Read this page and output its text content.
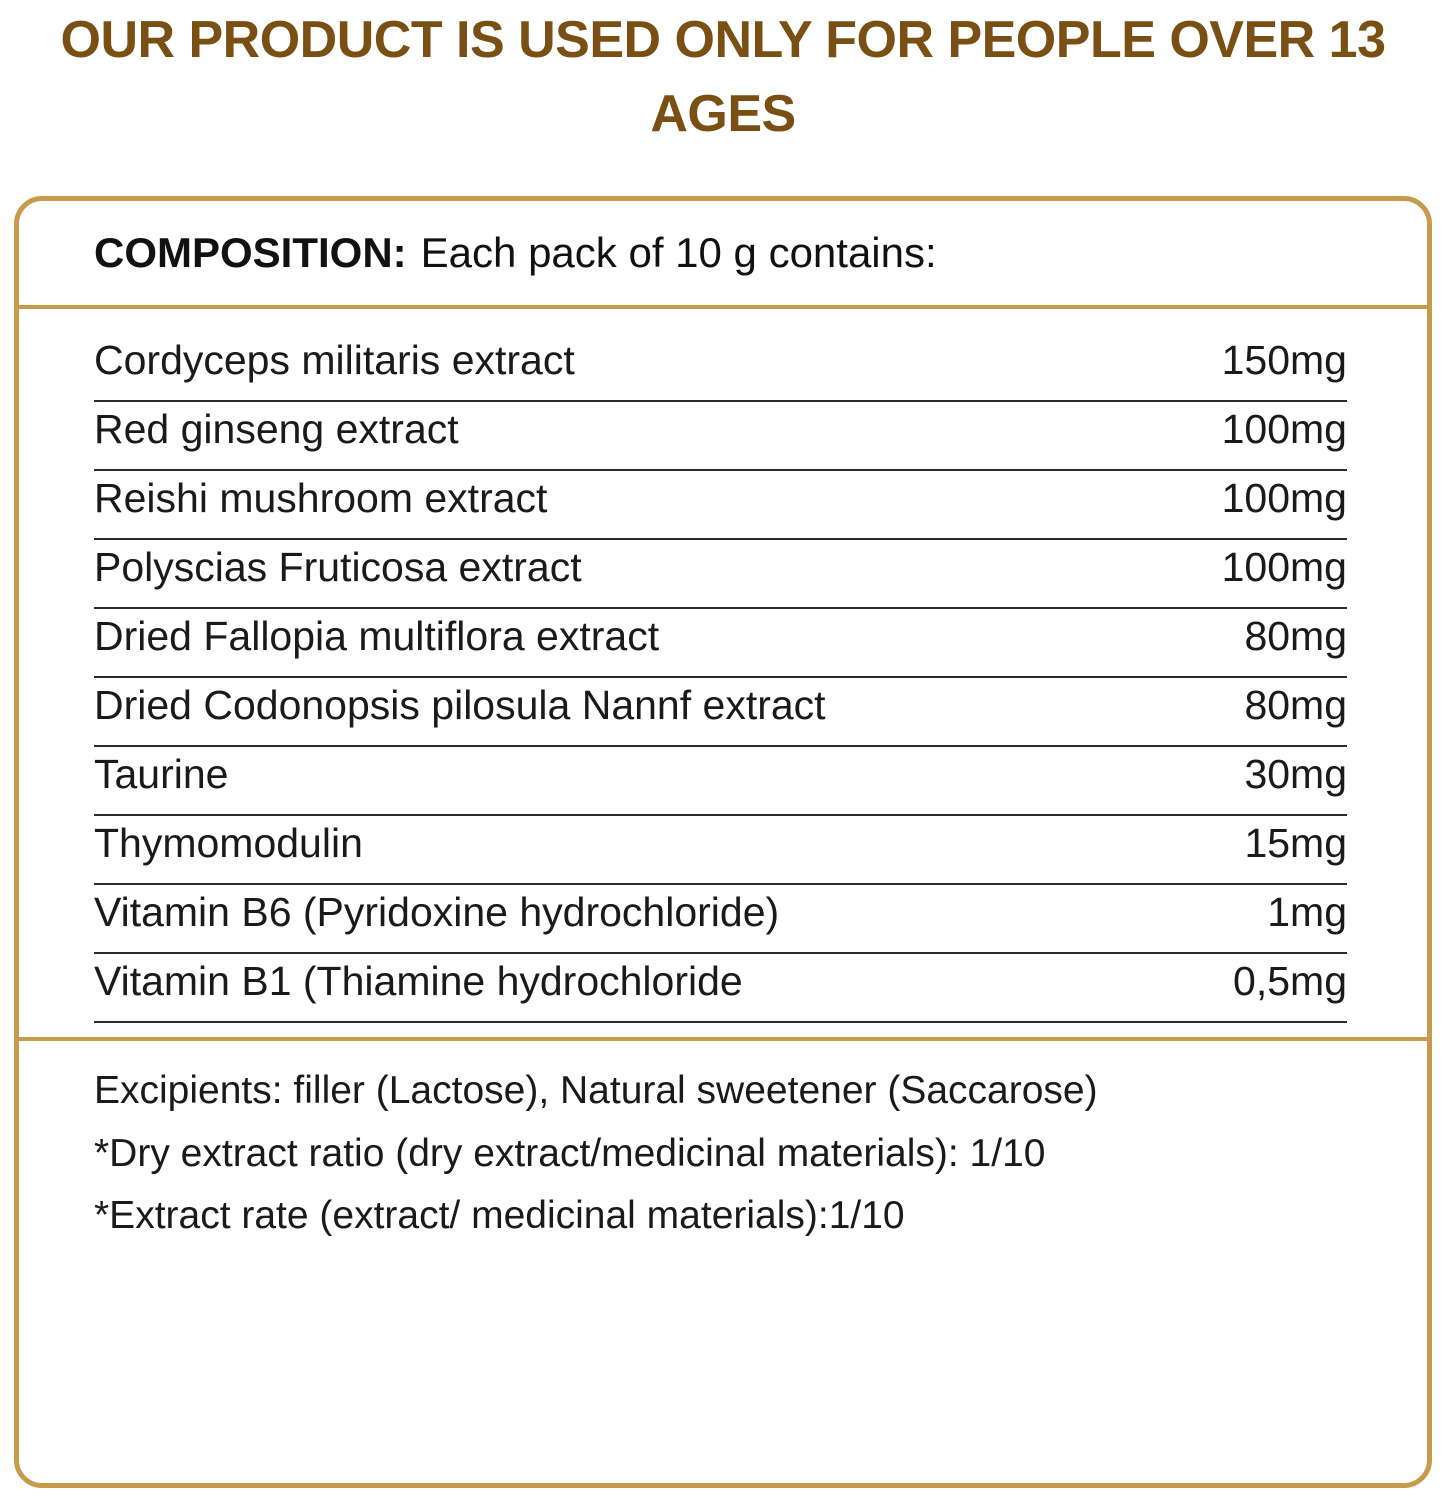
OUR PRODUCT IS USED ONLY FOR PEOPLE OVER 13 AGES
COMPOSITION: Each pack of 10 g contains:
Cordyceps militaris extract	150mg
Red ginseng extract	100mg
Reishi mushroom extract	100mg
Polyscias Fruticosa extract	100mg
Dried Fallopia multiflora extract	80mg
Dried Codonopsis pilosula Nannf extract	80mg
Taurine	30mg
Thymomodulin	15mg
Vitamin B6 (Pyridoxine hydrochloride)	1mg
Vitamin B1 (Thiamine hydrochloride	0,5mg

Excipients: filler (Lactose), Natural sweetener (Saccarose)

*Dry extract ratio (dry extract/medicinal materials): 1/10

*Extract rate (extract/ medicinal materials):1/10
